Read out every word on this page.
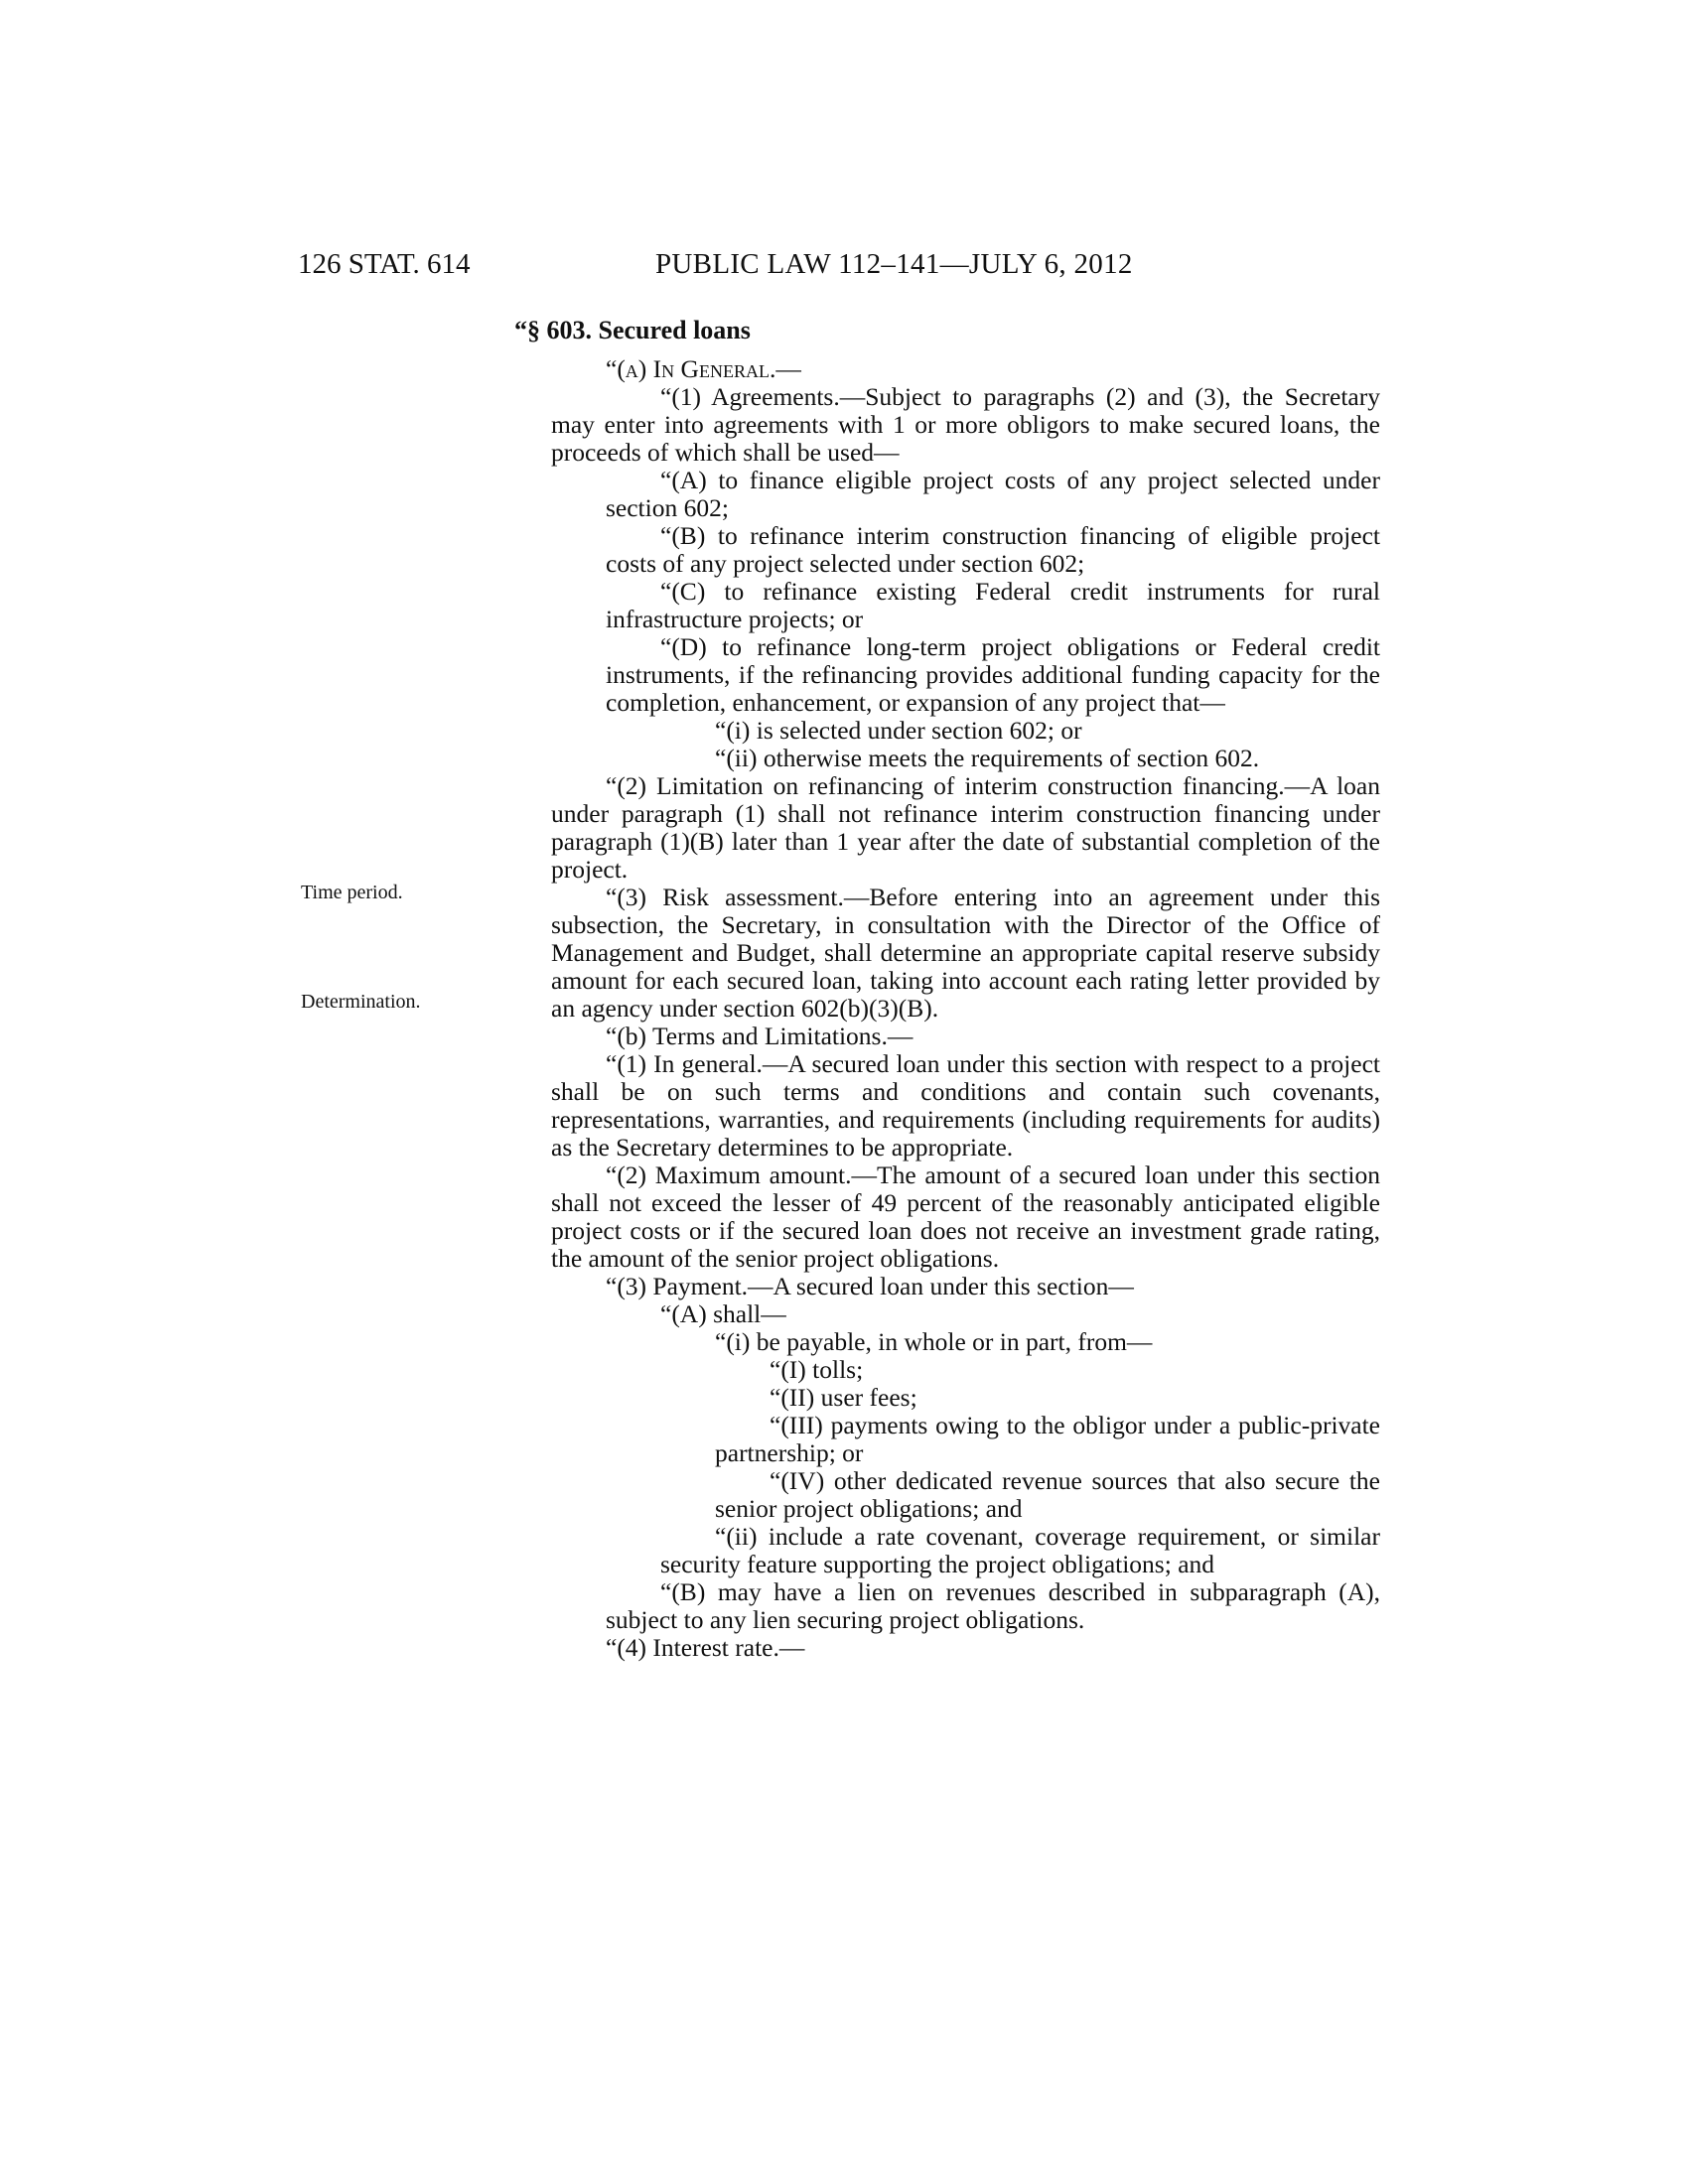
126 STAT. 614	PUBLIC LAW 112–141—JULY 6, 2012
“§ 603. Secured loans
Time period.
Determination.

“(a) In General.—

“(1) Agreements.—Subject to paragraphs (2) and (3), the Secretary may enter into agreements with 1 or more obligors to make secured loans, the proceeds of which shall be used—

“(A) to finance eligible project costs of any project selected under section 602;

“(B) to refinance interim construction financing of eligible project costs of any project selected under section 602;

“(C) to refinance existing Federal credit instruments for rural infrastructure projects; or

“(D) to refinance long-term project obligations or Federal credit instruments, if the refinancing provides additional funding capacity for the completion, enhancement, or expansion of any project that—

“(i) is selected under section 602; or

“(ii) otherwise meets the requirements of section 602.

“(2) Limitation on refinancing of interim construction financing.—A loan under paragraph (1) shall not refinance interim construction financing under paragraph (1)(B) later than 1 year after the date of substantial completion of the project.

“(3) Risk assessment.—Before entering into an agreement under this subsection, the Secretary, in consultation with the Director of the Office of Management and Budget, shall determine an appropriate capital reserve subsidy amount for each secured loan, taking into account each rating letter provided by an agency under section 602(b)(3)(B).

“(b) Terms and Limitations.—

“(1) In general.—A secured loan under this section with respect to a project shall be on such terms and conditions and contain such covenants, representations, warranties, and requirements (including requirements for audits) as the Secretary determines to be appropriate.

“(2) Maximum amount.—The amount of a secured loan under this section shall not exceed the lesser of 49 percent of the reasonably anticipated eligible project costs or if the secured loan does not receive an investment grade rating, the amount of the senior project obligations.

“(3) Payment.—A secured loan under this section—

“(A) shall—

“(i) be payable, in whole or in part, from—

“(I) tolls;

“(II) user fees;

“(III) payments owing to the obligor under a public-private partnership; or

“(IV) other dedicated revenue sources that also secure the senior project obligations; and

“(ii) include a rate covenant, coverage requirement, or similar security feature supporting the project obligations; and

“(B) may have a lien on revenues described in subparagraph (A), subject to any lien securing project obligations.

“(4) Interest rate.—
